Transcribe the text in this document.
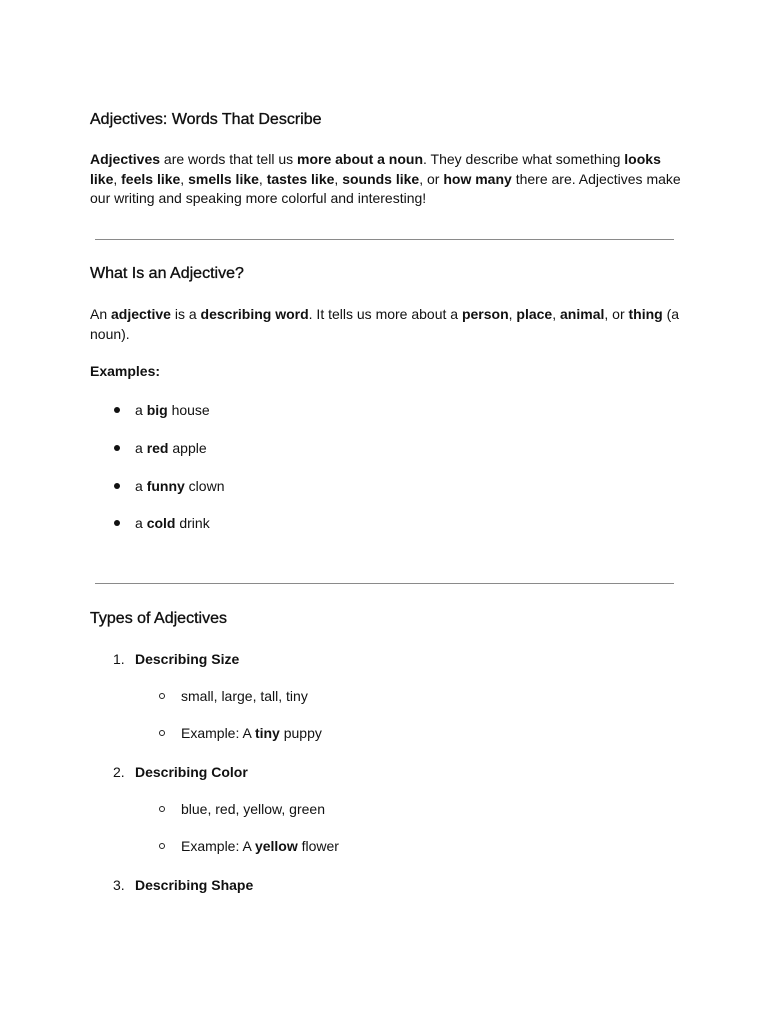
Adjectives: Words That Describe

Adjectives are words that tell us more about a noun. They describe what something looks like, feels like, smells like, tastes like, sounds like, or how many there are. Adjectives make our writing and speaking more colorful and interesting!

What Is an Adjective?

An adjective is a describing word. It tells us more about a person, place, animal, or thing (a noun).

Examples:
a big house
a red apple
a funny clown
a cold drink
Types of Adjectives
1. Describing Size
small, large, tall, tiny
Example: A tiny puppy
2. Describing Color
blue, red, yellow, green
Example: A yellow flower
3. Describing Shape
